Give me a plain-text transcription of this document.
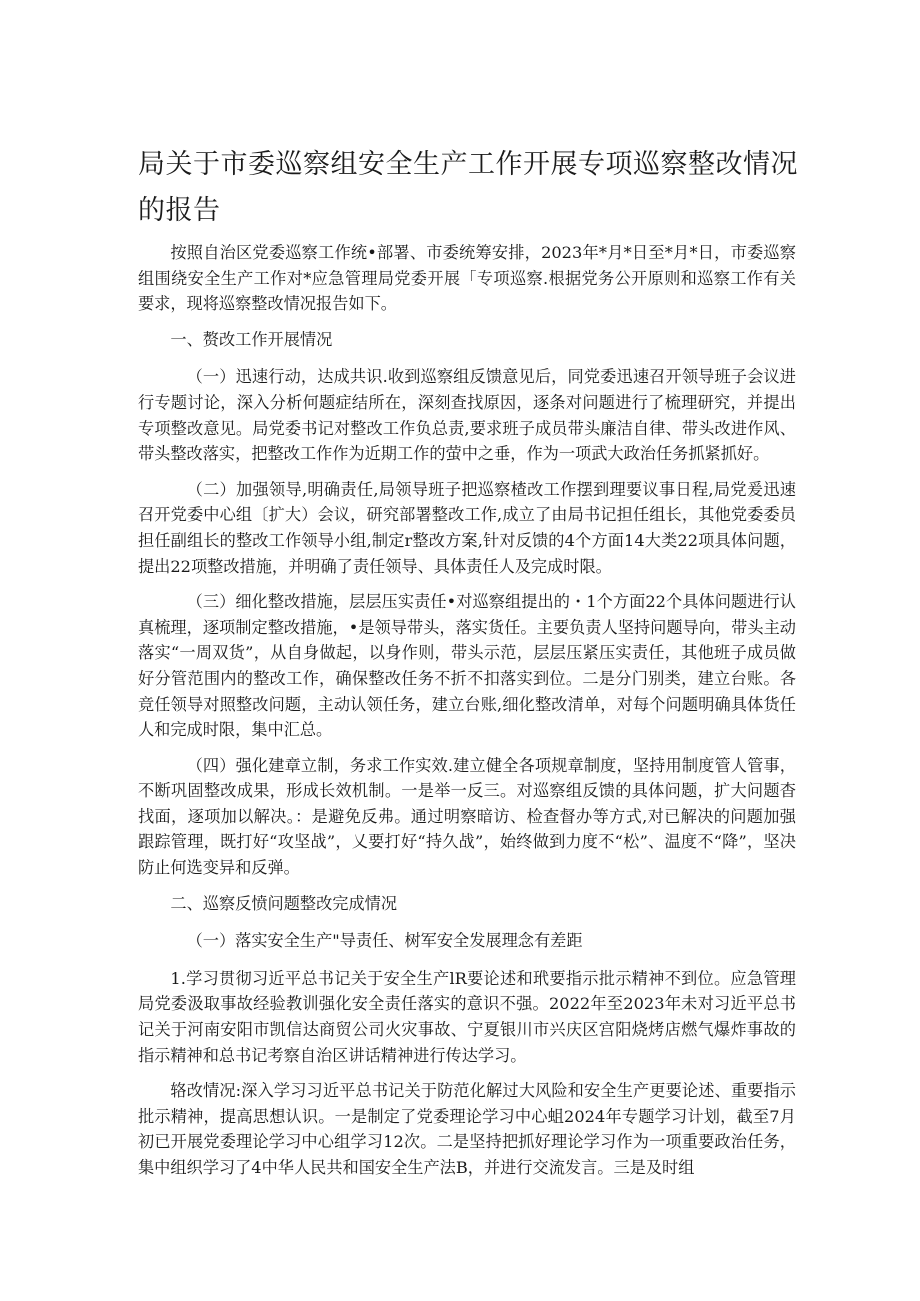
局关于市委巡察组安全生产工作开展专项巡察整改情况的报告

按照自治区党委巡察工作统•部署、市委统筹安排，2023年*月*日至*月*日，市委巡察组围绕安全生产工作对*应急管理局党委开展「专项巡察.根据党务公开原则和巡察工作有关要求，现将巡察整改情况报告如下。

一、赘改工作开展情况

（一）迅速行动，达成共识.收到巡察组反馈意见后，同党委迅速召开领导班子会议进行专题讨论，深入分析何题症结所在，深刻查找原因，逐条对问题进行了梳理研究，并提出专项整改意见。局党委书记对整改工作负总责,要求班子成员带头廉洁自律、带头改进作风、带头整改落实，把整改工作作为近期工作的萤中之垂，作为一项武大政治任务抓紧抓好。

（二）加强领导,明确责任,局领导班子把巡察楂改工作摆到理要议事日程,局党爰迅速召开党委中心组〔扩大）会议，研究部署整改工作,成立了由局书记担任组长，其他党委委员担任副组长的整改工作领导小组,制定r整改方案,针对反馈的4个方面14大类22项具体问题，提出22项整改措施，并明确了责任领导、具体责任人及完成时限。

（三）细化整改措施，层层压实责任•对巡察组提出的・1个方面22个具体问题进行认真梳理，逐项制定整改措施，•是领导带头，落实货任。主要负责人坚持问题导向，带头主动落实“一周双货”，从自身做起，以身作则，带头示范，层层压紧压实责任，其他班子成员做好分管范围内的整改工作，确保整改任务不折不扣落实到位。二是分门别类，建立台账。各竞任领导对照整改问题，主动认领任务，建立台账,细化整改清单，对每个问题明确具体货任人和完成时限，集中汇总。

（四）强化建章立制，务求工作实效.建立健全各项规章制度，坚持用制度管人管事，不断巩固整改成果，形成长效机制。一是举一反三。对巡察组反馈的具体问题，扩大问题杳找面，逐项加以解决。：是避免反弗。通过明察暗访、检查督办等方式,对已解决的问题加强跟踪管理，既打好“攻坚战”，乂要打好“持久战”，始终做到力度不“松”、温度不“降”，坚决防止何选变异和反弹。

二、巡察反愤问题整改完成情况

（一）落实安全生产"导责任、树军安全发展理念有差距

1.学习贯彻习近平总书记关于安全生产lR要论述和玳要指示批示精神不到位。应急管理局党委汲取事故经验教训强化安全责任落实的意识不强。2022年至2023年未对习近平总书记关于河南安阳市凯信达商贸公司火灾事故、宁夏银川市兴庆区宫阳烧烤店燃气爆炸事故的指示精神和总书记考察自治区讲话精神进行传达学习。

辂改情况:深入学习习近平总书记关于防范化解过大风险和安全生产更要论述、重要指示批示精神，提高思想认识。一是制定了党委理论学习中心蛆2024年专题学习计划，截至7月初已开展党委理论学习中心组学习12次。二是坚持把抓好理论学习作为一项重要政治任务，集中组织学习了4中华人民共和国安全生产法B，并进行交流发言。三是及时组
